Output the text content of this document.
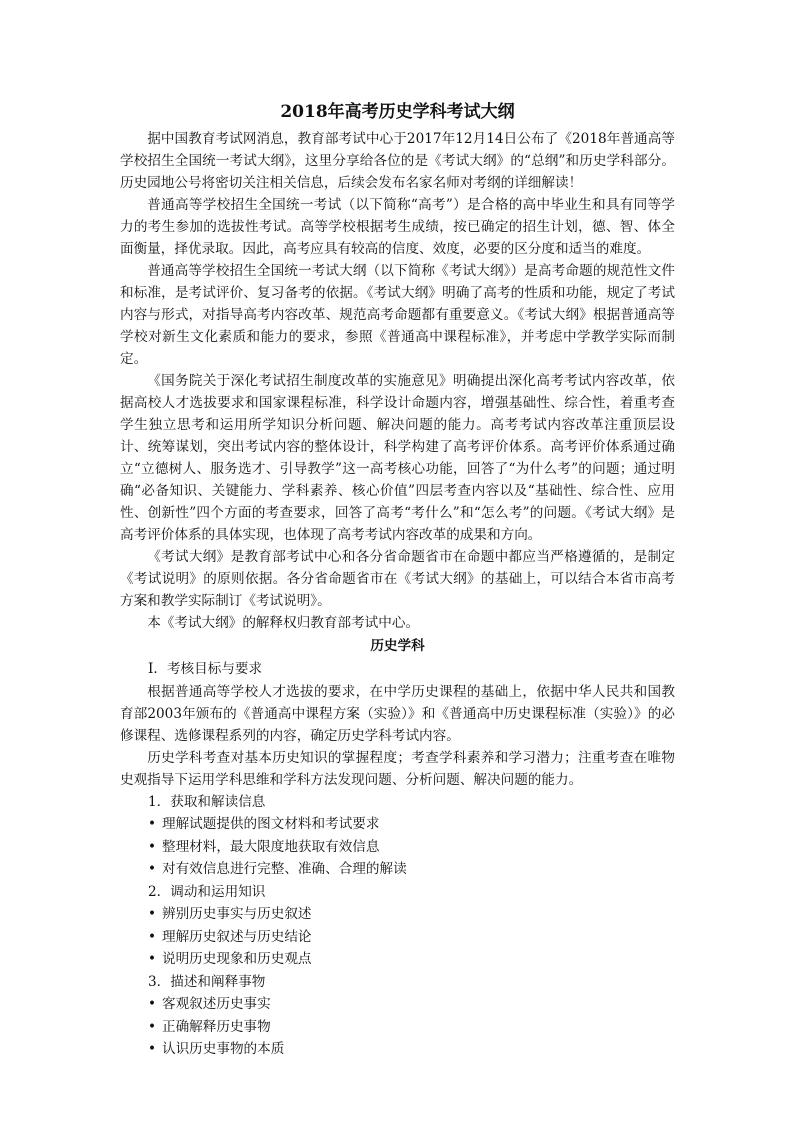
2018年高考历史学科考试大纲

据中国教育考试网消息，教育部考试中心于2017年12月14日公布了《2018年普通高等学校招生全国统一考试大纲》，这里分享给各位的是《考试大纲》的“总纲”和历史学科部分。历史园地公号将密切关注相关信息，后续会发布名家名师对考纲的详细解读！

普通高等学校招生全国统一考试（以下简称“高考”）是合格的高中毕业生和具有同等学力的考生参加的选拔性考试。高等学校根据考生成绩，按已确定的招生计划，德、智、体全面衡量，择优录取。因此，高考应具有较高的信度、效度，必要的区分度和适当的难度。

普通高等学校招生全国统一考试大纲（以下简称《考试大纲》）是高考命题的规范性文件和标准，是考试评价、复习备考的依据。《考试大纲》明确了高考的性质和功能，规定了考试内容与形式，对指导高考内容改革、规范高考命题都有重要意义。《考试大纲》根据普通高等学校对新生文化素质和能力的要求，参照《普通高中课程标准》，并考虑中学教学实际而制定。

《国务院关于深化考试招生制度改革的实施意见》明确提出深化高考考试内容改革，依据高校人才选拔要求和国家课程标准，科学设计命题内容，增强基础性、综合性，着重考查学生独立思考和运用所学知识分析问题、解决问题的能力。高考考试内容改革注重顶层设计、统筹谋划，突出考试内容的整体设计，科学构建了高考评价体系。高考评价体系通过确立“立德树人、服务选才、引导教学”这一高考核心功能，回答了“为什么考”的问题；通过明确“必备知识、关键能力、学科素养、核心价值”四层考查内容以及“基础性、综合性、应用性、创新性”四个方面的考查要求，回答了高考“考什么”和“怎么考”的问题。《考试大纲》是高考评价体系的具体实现，也体现了高考考试内容改革的成果和方向。

《考试大纲》是教育部考试中心和各分省命题省市在命题中都应当严格遵循的，是制定《考试说明》的原则依据。各分省命题省市在《考试大纲》的基础上，可以结合本省市高考方案和教学实际制订《考试说明》。

本《考试大纲》的解释权归教育部考试中心。

历史学科
Ⅰ．考核目标与要求

根据普通高等学校人才选拔的要求，在中学历史课程的基础上，依据中华人民共和国教育部2003年颁布的《普通高中课程方案（实验）》和《普通高中历史课程标准（实验）》的必修课程、选修课程系列的内容，确定历史学科考试内容。

历史学科考查对基本历史知识的掌握程度；考查学科素养和学习潜力；注重考查在唯物史观指导下运用学科思维和学科方法发现问题、分析问题、解决问题的能力。

1．获取和解读信息
• 理解试题提供的图文材料和考试要求
• 整理材料，最大限度地获取有效信息
• 对有效信息进行完整、准确、合理的解读
2．调动和运用知识
• 辨别历史事实与历史叙述
• 理解历史叙述与历史结论
• 说明历史现象和历史观点
3．描述和阐释事物
• 客观叙述历史事实
• 正确解释历史事物
• 认识历史事物的本质
